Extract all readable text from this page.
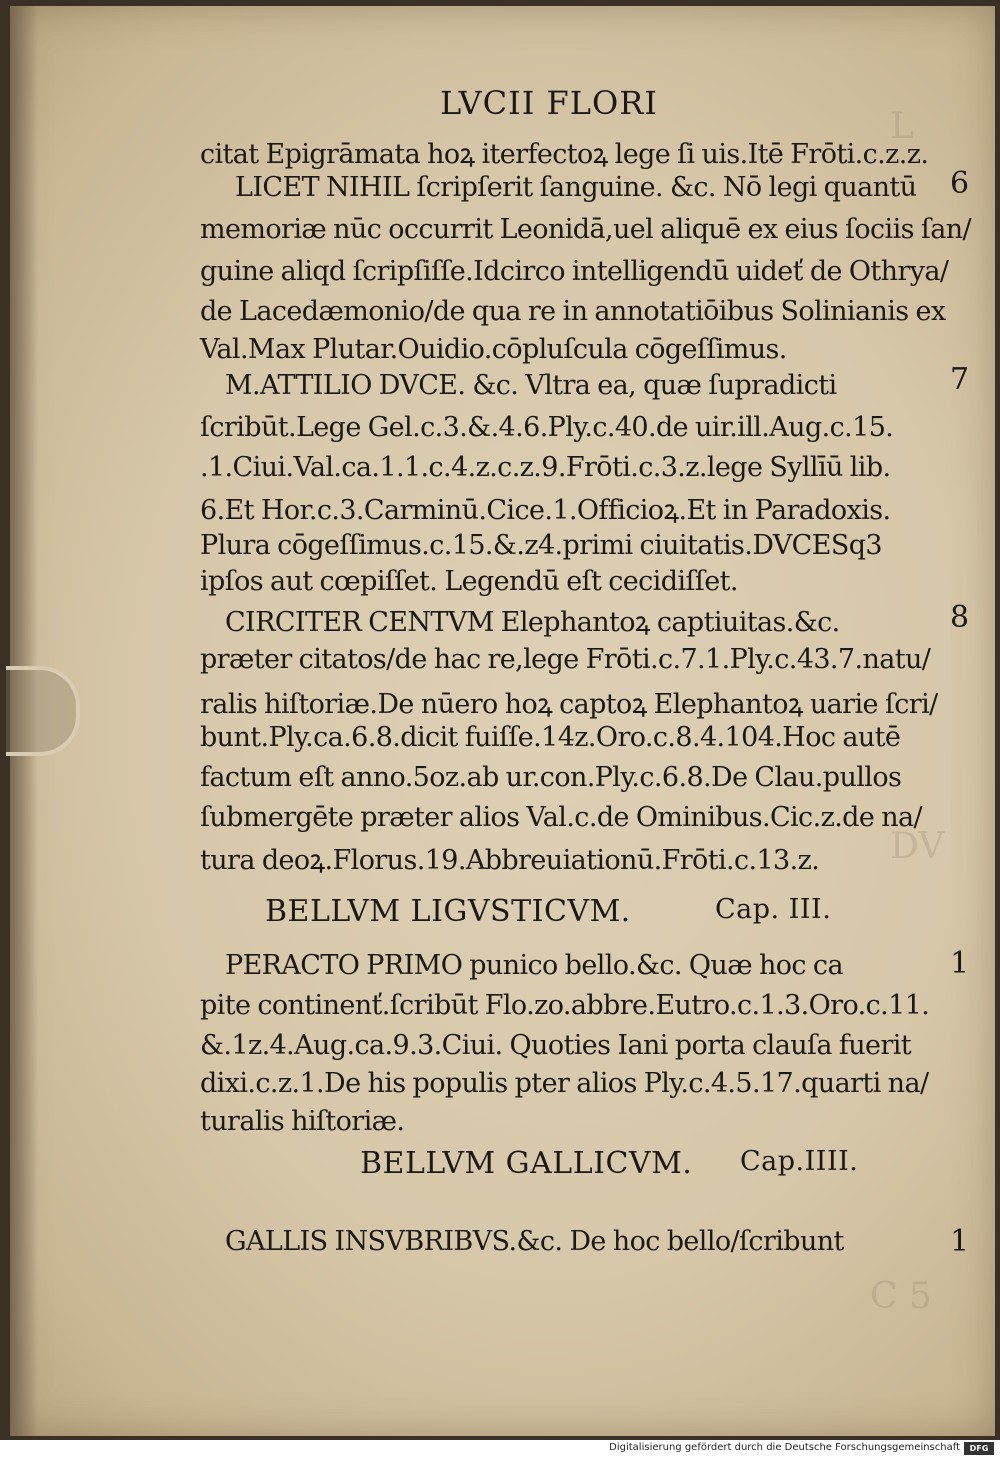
L
DV
C 5
LVCII FLORI
citat Epigrāmata hoꝝ iterfectoꝝ lege ſi uis.Itē Frōti.c.z.z.
LICET NIHIL ſcripſerit ſanguine. &c. Nō legi quantū
memoriæ nūc occurrit Leonidā,uel aliquē ex eius ſociis ſan/
guine aliqd ſcripſiſſe.Idcirco intelligendū uideť de Othrya/
de Lacedæmonio/de qua re in annotatiōibus Solinianis ex
Val.Max Plutar.Ouidio.cōpluſcula cōgeſſimus.
M.ATTILIO DVCE. &c. Vltra ea, quæ ſupradicti
ſcribūt.Lege Gel.c.3.&.4.6.Ply.c.40.de uir.ill.Aug.c.15.
.1.Ciui.Val.ca.1.1.c.4.z.c.z.9.Frōti.c.3.z.lege Syllīū lib.
6.Et Hor.c.3.Carminū.Cice.1.Officioꝝ.Et in Paradoxis.
Plura cōgeſſimus.c.15.&.z4.primi ciuitatis.DVCESq3
ipſos aut cœpiſſet. Legendū eſt cecidiſſet.
CIRCITER CENTVM Elephantoꝝ captiuitas.&c.
præter citatos/de hac re,lege Frōti.c.7.1.Ply.c.43.7.natu/
ralis hiſtoriæ.De nūero hoꝝ captoꝝ Elephantoꝝ uarie ſcri/
bunt.Ply.ca.6.8.dicit fuiſſe.14z.Oro.c.8.4.104.Hoc autē
factum eſt anno.5oz.ab ur.con.Ply.c.6.8.De Clau.pullos
ſubmergēte præter alios Val.c.de Ominibus.Cic.z.de na/
tura deoꝝ.Florus.19.Abbreuiationū.Frōti.c.13.z.
BELLVM LIGVSTICVM.	Cap. III.
PERACTO PRIMO punico bello.&c. Quæ hoc ca
pite continenť.ſcribūt Flo.zo.abbre.Eutro.c.1.3.Oro.c.11.
&.1z.4.Aug.ca.9.3.Ciui. Quoties Iani porta clauſa fuerit
dixi.c.z.1.De his populis pter alios Ply.c.4.5.17.quarti na/
turalis hiſtoriæ.
BELLVM GALLICVM. Cap.IIII.
GALLIS INSVBRIBVS.&c. De hoc bello/ſcribunt
6
7
8
1
1
Digitalisierung gefördert durch die Deutsche Forschungsgemeinschaft	DFG
